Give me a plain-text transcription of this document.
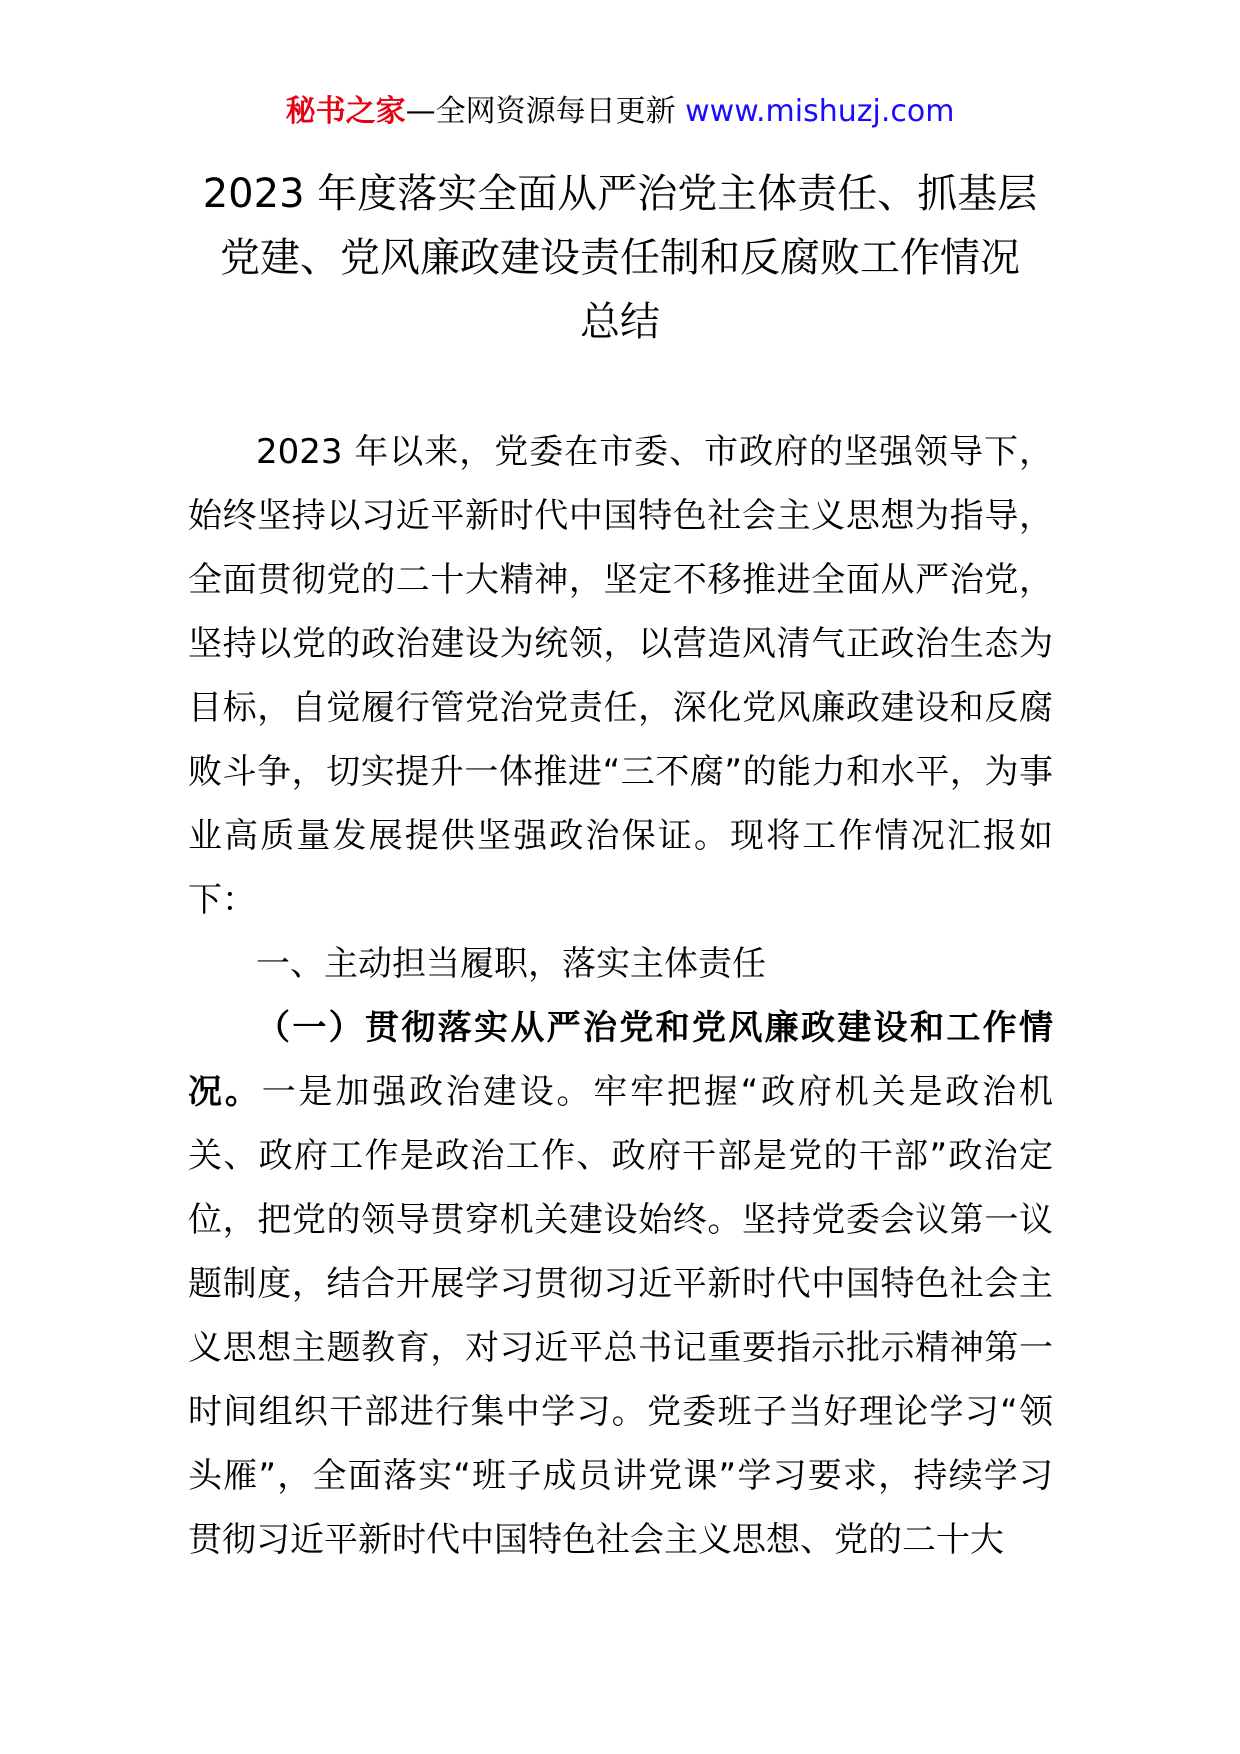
秘书之家—全网资源每日更新 www.mishuzj.com
2023 年度落实全面从严治党主体责任、抓基层
党建、党风廉政建设责任制和反腐败工作情况
总结

2023 年以来，党委在市委、市政府的坚强领导下，始终坚持以习近平新时代中国特色社会主义思想为指导，全面贯彻党的二十大精神，坚定不移推进全面从严治党，坚持以党的政治建设为统领，以营造风清气正政治生态为目标，自觉履行管党治党责任，深化党风廉政建设和反腐败斗争，切实提升一体推进“三不腐”的能力和水平，为事业高质量发展提供坚强政治保证。现将工作情况汇报如下：

一、主动担当履职，落实主体责任

（一）贯彻落实从严治党和党风廉政建设和工作情况。一是加强政治建设。牢牢把握“政府机关是政治机关、政府工作是政治工作、政府干部是党的干部”政治定位，把党的领导贯穿机关建设始终。坚持党委会议第一议题制度，结合开展学习贯彻习近平新时代中国特色社会主义思想主题教育，对习近平总书记重要指示批示精神第一时间组织干部进行集中学习。党委班子当好理论学习“领头雁”，全面落实“班子成员讲党课”学习要求，持续学习贯彻习近平新时代中国特色社会主义思想、党的二十大
